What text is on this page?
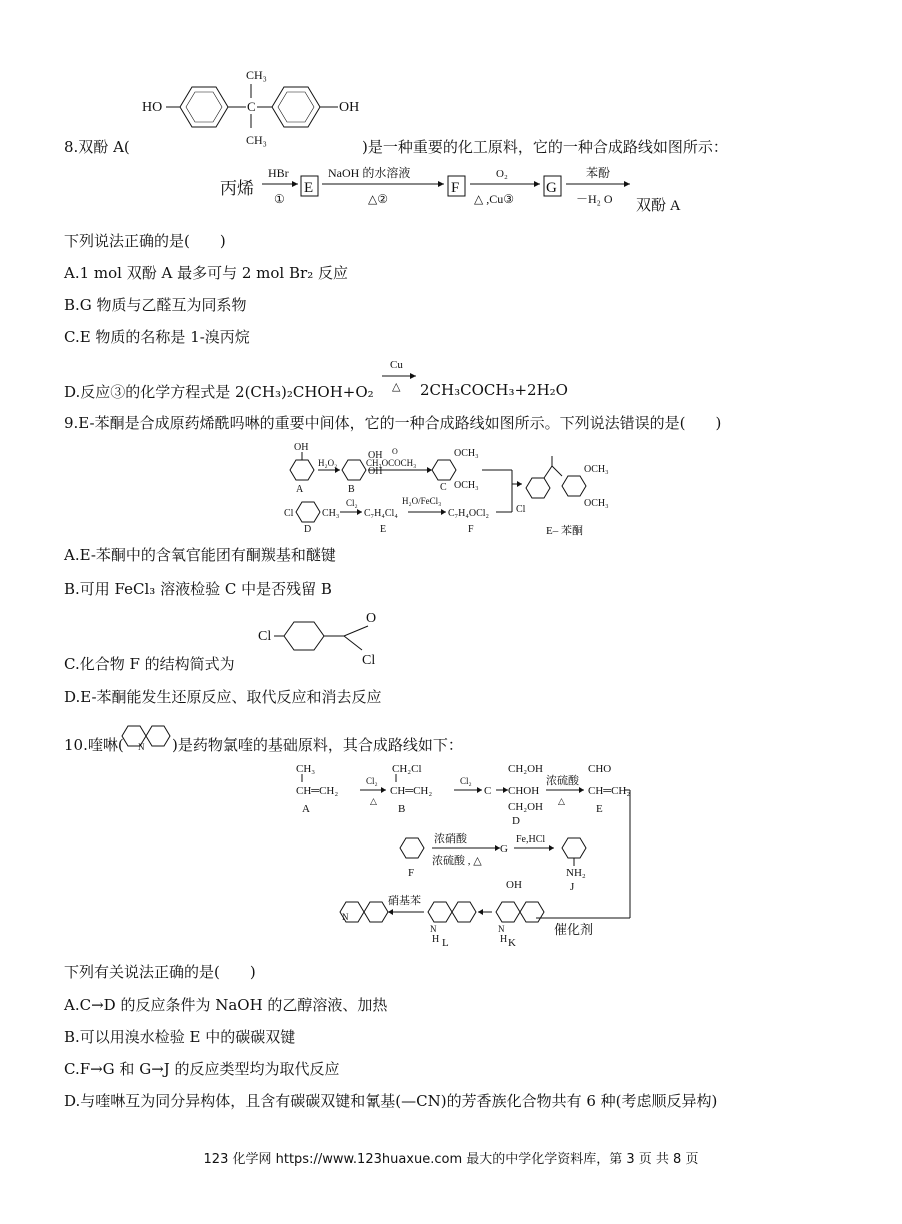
HO	C
CH₃
CH₃
OH
8.双酚 A(	)是一种重要的化工原料，它的一种合成路线如图所示：
丙烯
HBr
①
E
NaOH 的水溶液
△②
F
O₂
△ ,Cu③
G
苯酚
－H₂ O 双酚 A
下列说法正确的是(　　)
A.1 mol 双酚 A 最多可与 2 mol Br₂ 反应
B.G 物质与乙醛互为同系物
C.E 物质的名称是 1-溴丙烷
D.反应③的化学方程式是 2(CH₃)₂CHOH+O₂
Cu
△ 2CH₃COCH₃+2H₂O
9.E-苯酮是合成原药烯酰吗啉的重要中间体，它的一种合成路线如图所示。下列说法错误的是(　　)
OH
A
H₂O₂
OH
OH
B
O
CH₃OCOCH₃
OCH₃
OCH₃
C
Cl	CH₃
D
Cl₂
C₇H₄Cl₄
E
H₂O/FeCl₃
C₇H₄OCl₂
F
Cl
OCH₃
OCH₃
E– 苯酮
A.E-苯酮中的含氧官能团有酮羰基和醚键
B.可用 FeCl₃ 溶液检验 C 中是否残留 B
C.化合物 F 的结构简式为
Cl
O
Cl
D.E-苯酮能发生还原反应、取代反应和消去反应
10.喹啉( N )是药物氯喹的基础原料，其合成路线如下：
CH₃
CH═CH₂
A
Cl₂
△
CH₂Cl
CH═CH₂
B
Cl₂
C
CH₂OH
CHOH
CH₂OH
D
浓硫酸
△
CHO
CH═CH₂
E
催化剂
F
浓硝酸
浓硫酸 , △
G
Fe,HCl
NH₂
J
OH
N
H K
N
H L
硝基苯
N
下列有关说法正确的是(　　)
A.C→D 的反应条件为 NaOH 的乙醇溶液、加热
B.可以用溴水检验 E 中的碳碳双键
C.F→G 和 G→J 的反应类型均为取代反应
D.与喹啉互为同分异构体，且含有碳碳双键和氰基(—CN)的芳香族化合物共有 6 种(考虑顺反异构)
123 化学网 https://www.123huaxue.com 最大的中学化学资料库，第 3 页 共 8 页
